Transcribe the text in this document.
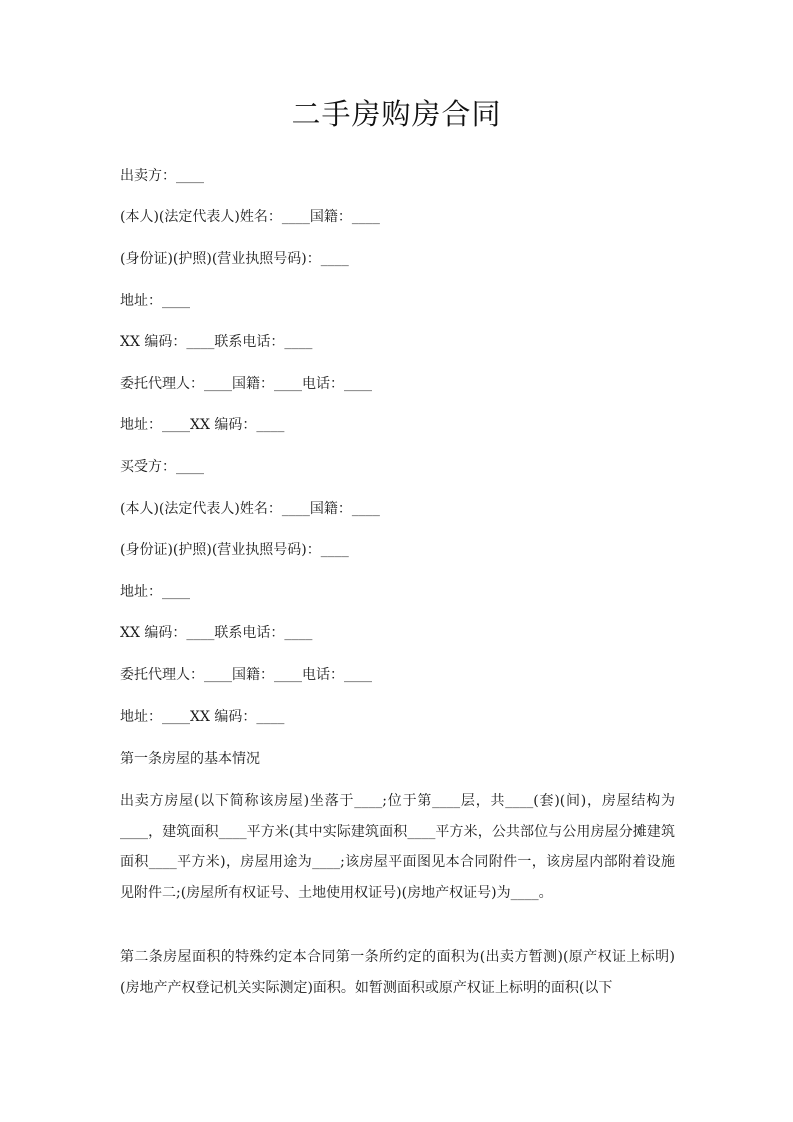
二手房购房合同
出卖方：____
(本人)(法定代表人)姓名：____国籍：____
(身份证)(护照)(营业执照号码)：____
地址：____
XX 编码：____联系电话：____
委托代理人：____国籍：____电话：____
地址：____XX 编码：____
买受方：____
(本人)(法定代表人)姓名：____国籍：____
(身份证)(护照)(营业执照号码)：____
地址：____
XX 编码：____联系电话：____
委托代理人：____国籍：____电话：____
地址：____XX 编码：____
第一条房屋的基本情况
出卖方房屋(以下简称该房屋)坐落于____;位于第____层，共____(套)(间)，房屋结构为____，建筑面积____平方米(其中实际建筑面积____平方米，公共部位与公用房屋分摊建筑面积____平方米)，房屋用途为____;该房屋平面图见本合同附件一，该房屋内部附着设施见附件二;(房屋所有权证号、土地使用权证号)(房地产权证号)为____。
第二条房屋面积的特殊约定本合同第一条所约定的面积为(出卖方暂测)(原产权证上标明)(房地产产权登记机关实际测定)面积。如暂测面积或原产权证上标明的面积(以下
